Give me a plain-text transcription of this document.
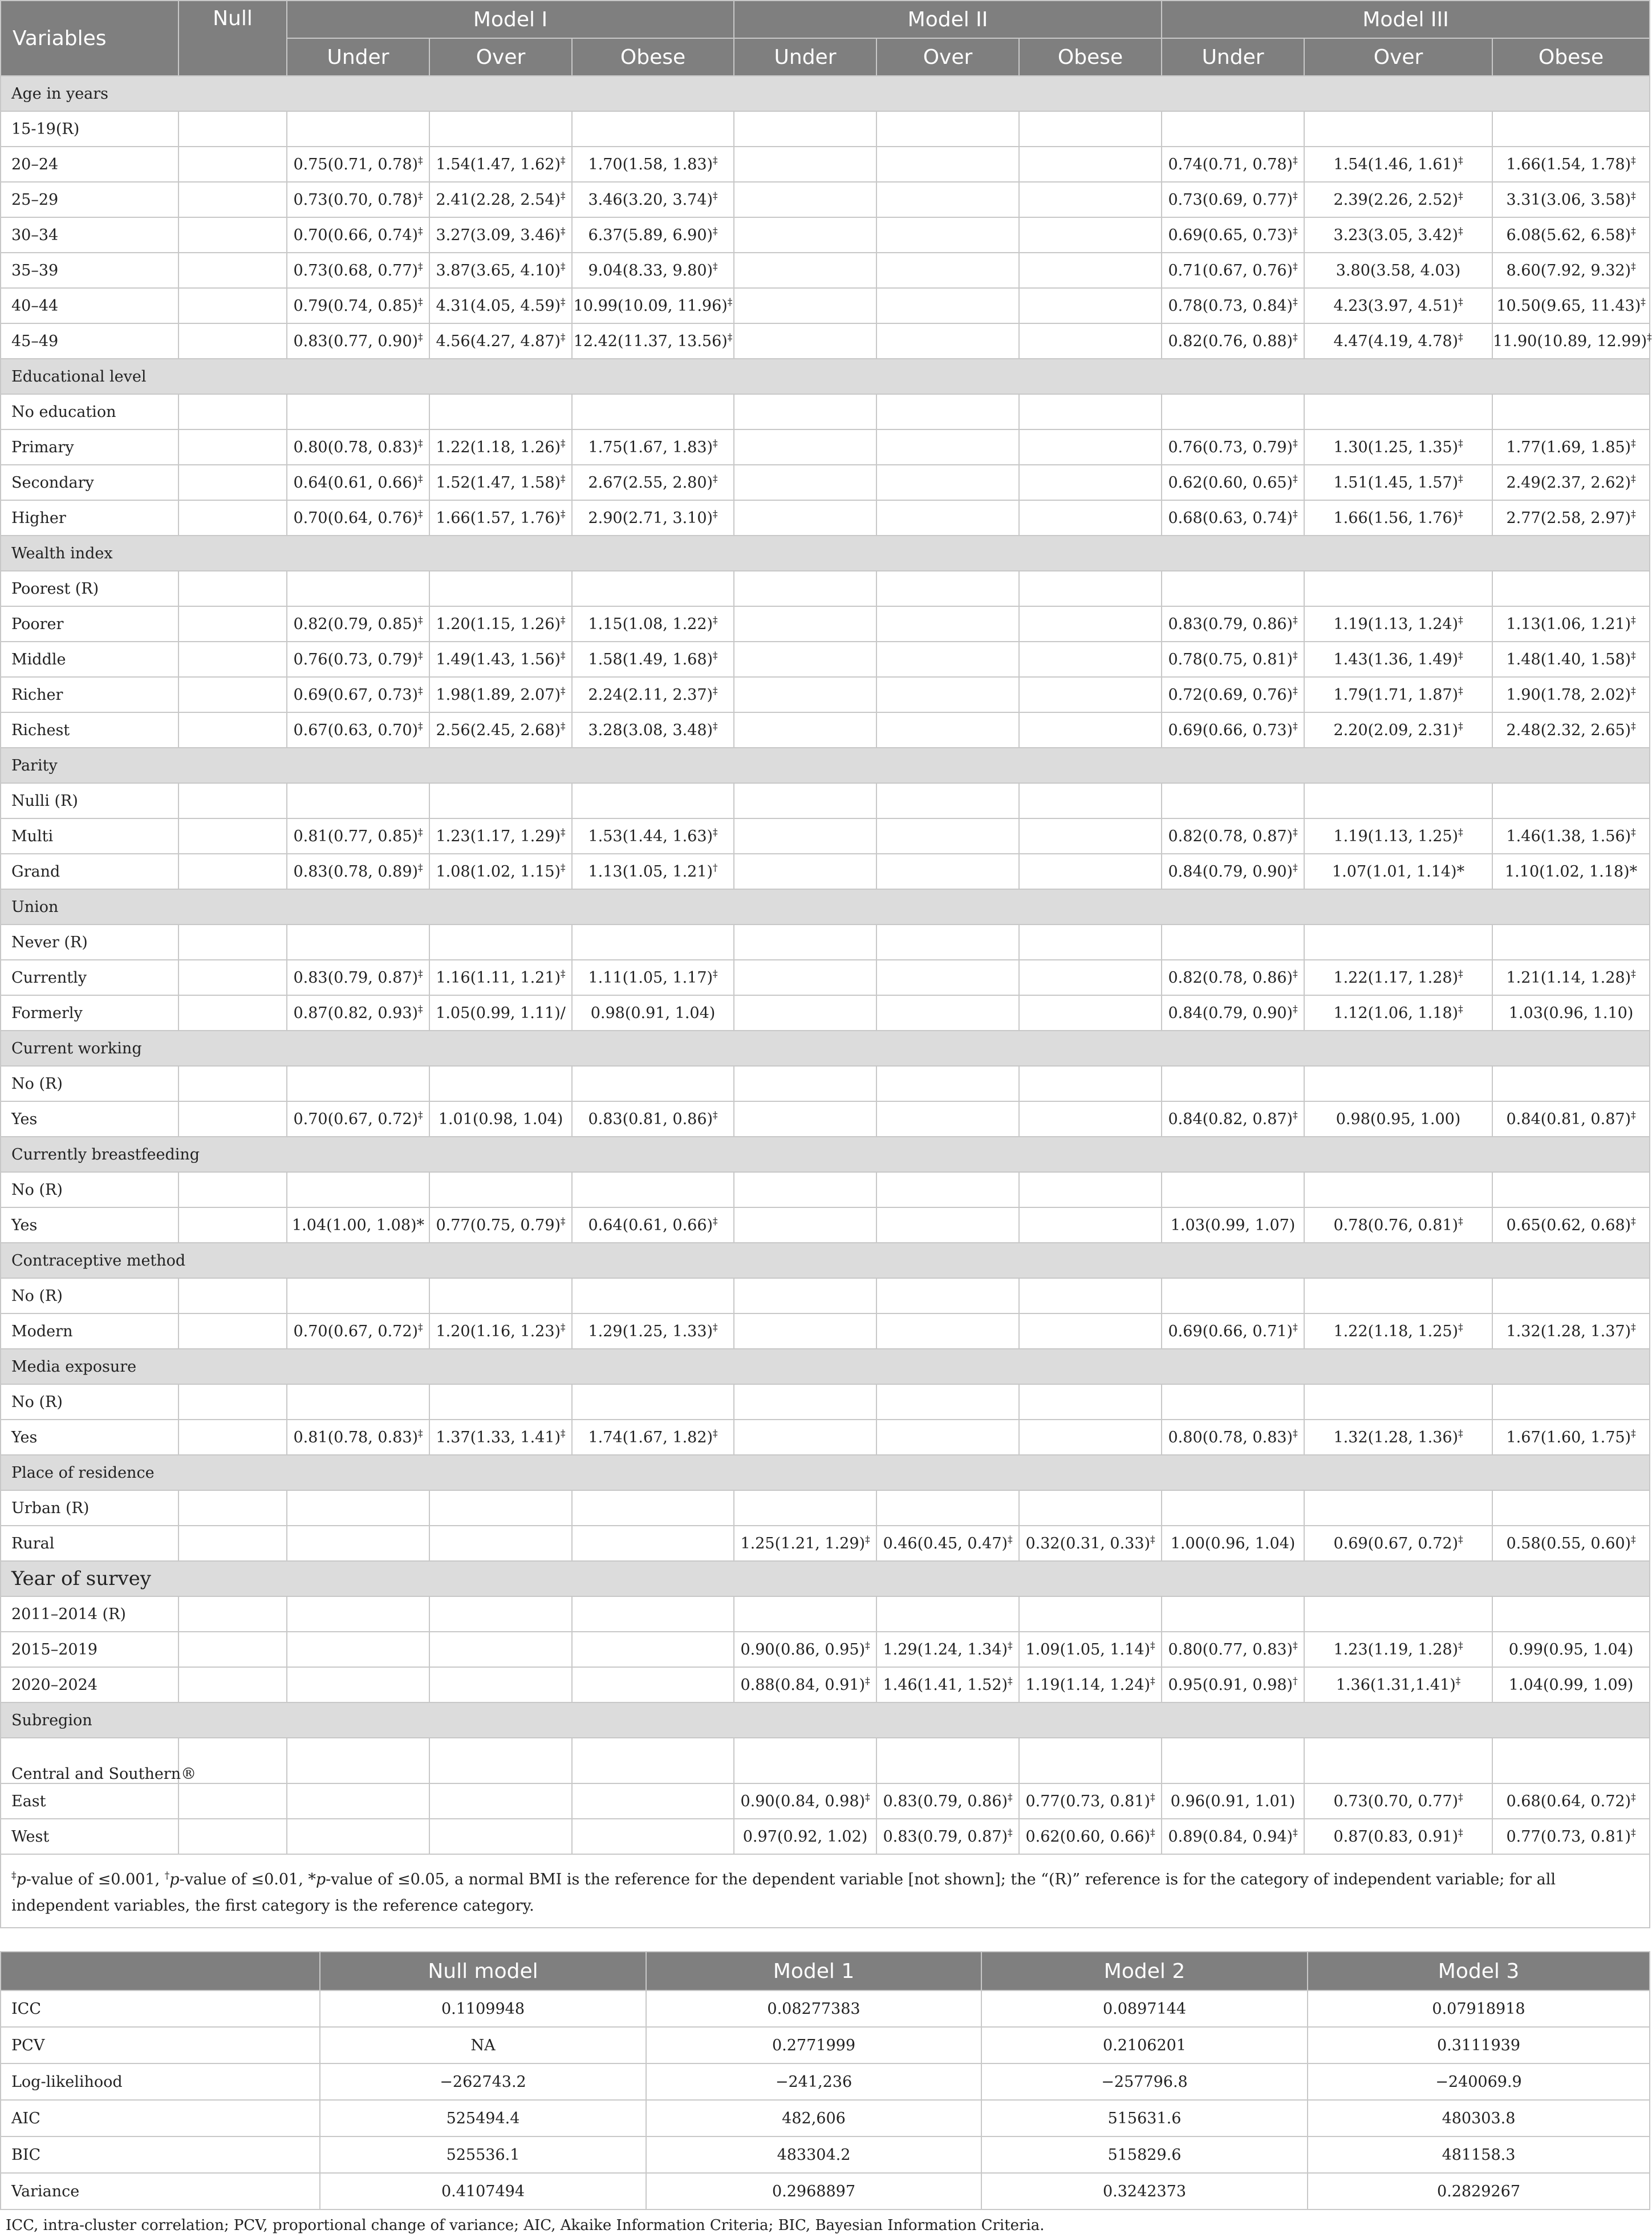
Variables	Null	Model I			Model II			Model III		
		Under	Over	Obese	Under	Over	Obese	Under	Over	Obese
Age in years										
15-19(R)										
20–24		0.75(0.71, 0.78)‡	1.54(1.47, 1.62)‡	1.70(1.58, 1.83)‡				0.74(0.71, 0.78)‡	1.54(1.46, 1.61)‡	1.66(1.54, 1.78)‡
25–29		0.73(0.70, 0.78)‡	2.41(2.28, 2.54)‡	3.46(3.20, 3.74)‡				0.73(0.69, 0.77)‡	2.39(2.26, 2.52)‡	3.31(3.06, 3.58)‡
30–34		0.70(0.66, 0.74)‡	3.27(3.09, 3.46)‡	6.37(5.89, 6.90)‡				0.69(0.65, 0.73)‡	3.23(3.05, 3.42)‡	6.08(5.62, 6.58)‡
35–39		0.73(0.68, 0.77)‡	3.87(3.65, 4.10)‡	9.04(8.33, 9.80)‡				0.71(0.67, 0.76)‡	3.80(3.58, 4.03)	8.60(7.92, 9.32)‡
40–44		0.79(0.74, 0.85)‡	4.31(4.05, 4.59)‡	10.99(10.09, 11.96)‡				0.78(0.73, 0.84)‡	4.23(3.97, 4.51)‡	10.50(9.65, 11.43)‡
45–49		0.83(0.77, 0.90)‡	4.56(4.27, 4.87)‡	12.42(11.37, 13.56)‡				0.82(0.76, 0.88)‡	4.47(4.19, 4.78)‡	11.90(10.89, 12.99)‡
Educational level										
No education										
Primary		0.80(0.78, 0.83)‡	1.22(1.18, 1.26)‡	1.75(1.67, 1.83)‡				0.76(0.73, 0.79)‡	1.30(1.25, 1.35)‡	1.77(1.69, 1.85)‡
Secondary		0.64(0.61, 0.66)‡	1.52(1.47, 1.58)‡	2.67(2.55, 2.80)‡				0.62(0.60, 0.65)‡	1.51(1.45, 1.57)‡	2.49(2.37, 2.62)‡
Higher		0.70(0.64, 0.76)‡	1.66(1.57, 1.76)‡	2.90(2.71, 3.10)‡				0.68(0.63, 0.74)‡	1.66(1.56, 1.76)‡	2.77(2.58, 2.97)‡
Wealth index										
Poorest (R)										
Poorer		0.82(0.79, 0.85)‡	1.20(1.15, 1.26)‡	1.15(1.08, 1.22)‡				0.83(0.79, 0.86)‡	1.19(1.13, 1.24)‡	1.13(1.06, 1.21)‡
Middle		0.76(0.73, 0.79)‡	1.49(1.43, 1.56)‡	1.58(1.49, 1.68)‡				0.78(0.75, 0.81)‡	1.43(1.36, 1.49)‡	1.48(1.40, 1.58)‡
Richer		0.69(0.67, 0.73)‡	1.98(1.89, 2.07)‡	2.24(2.11, 2.37)‡				0.72(0.69, 0.76)‡	1.79(1.71, 1.87)‡	1.90(1.78, 2.02)‡
Richest		0.67(0.63, 0.70)‡	2.56(2.45, 2.68)‡	3.28(3.08, 3.48)‡				0.69(0.66, 0.73)‡	2.20(2.09, 2.31)‡	2.48(2.32, 2.65)‡
Parity										
Nulli (R)										
Multi		0.81(0.77, 0.85)‡	1.23(1.17, 1.29)‡	1.53(1.44, 1.63)‡				0.82(0.78, 0.87)‡	1.19(1.13, 1.25)‡	1.46(1.38, 1.56)‡
Grand		0.83(0.78, 0.89)‡	1.08(1.02, 1.15)‡	1.13(1.05, 1.21)†				0.84(0.79, 0.90)‡	1.07(1.01, 1.14)*	1.10(1.02, 1.18)*
Union										
Never (R)										
Currently		0.83(0.79, 0.87)‡	1.16(1.11, 1.21)‡	1.11(1.05, 1.17)‡				0.82(0.78, 0.86)‡	1.22(1.17, 1.28)‡	1.21(1.14, 1.28)‡
Formerly		0.87(0.82, 0.93)‡	1.05(0.99, 1.11)/	0.98(0.91, 1.04)				0.84(0.79, 0.90)‡	1.12(1.06, 1.18)‡	1.03(0.96, 1.10)
Current working										
No (R)										
Yes		0.70(0.67, 0.72)‡	1.01(0.98, 1.04)	0.83(0.81, 0.86)‡				0.84(0.82, 0.87)‡	0.98(0.95, 1.00)	0.84(0.81, 0.87)‡
Currently breastfeeding										
No (R)										
Yes		1.04(1.00, 1.08)*	0.77(0.75, 0.79)‡	0.64(0.61, 0.66)‡				1.03(0.99, 1.07)	0.78(0.76, 0.81)‡	0.65(0.62, 0.68)‡
Contraceptive method										
No (R)										
Modern		0.70(0.67, 0.72)‡	1.20(1.16, 1.23)‡	1.29(1.25, 1.33)‡				0.69(0.66, 0.71)‡	1.22(1.18, 1.25)‡	1.32(1.28, 1.37)‡
Media exposure										
No (R)										
Yes		0.81(0.78, 0.83)‡	1.37(1.33, 1.41)‡	1.74(1.67, 1.82)‡				0.80(0.78, 0.83)‡	1.32(1.28, 1.36)‡	1.67(1.60, 1.75)‡
Place of residence										
Urban (R)										
Rural					1.25(1.21, 1.29)‡	0.46(0.45, 0.47)‡	0.32(0.31, 0.33)‡	1.00(0.96, 1.04)	0.69(0.67, 0.72)‡	0.58(0.55, 0.60)‡
Year of survey										
2011–2014 (R)										
2015–2019					0.90(0.86, 0.95)‡	1.29(1.24, 1.34)‡	1.09(1.05, 1.14)‡	0.80(0.77, 0.83)‡	1.23(1.19, 1.28)‡	0.99(0.95, 1.04)
2020–2024					0.88(0.84, 0.91)‡	1.46(1.41, 1.52)‡	1.19(1.14, 1.24)‡	0.95(0.91, 0.98)†	1.36(1.31,1.41)‡	1.04(0.99, 1.09)
Subregion										
Central and Southern®										
East					0.90(0.84, 0.98)‡	0.83(0.79, 0.86)‡	0.77(0.73, 0.81)‡	0.96(0.91, 1.01)	0.73(0.70, 0.77)‡	0.68(0.64, 0.72)‡
West					0.97(0.92, 1.02)	0.83(0.79, 0.87)‡	0.62(0.60, 0.66)‡	0.89(0.84, 0.94)‡	0.87(0.83, 0.91)‡	0.77(0.73, 0.81)‡
‡p-value of ≤0.001, †p-value of ≤0.01, *p-value of ≤0.05, a normal BMI is the reference for the dependent variable [not shown]; the “(R)” reference is for the category of independent variable; for all independent variables, the first category is the reference category.										
	Null model	Model 1	Model 2	Model 3
ICC	0.1109948	0.08277383	0.0897144	0.07918918
PCV	NA	0.2771999	0.2106201	0.3111939
Log-likelihood	−262743.2	−241,236	−257796.8	−240069.9
AIC	525494.4	482,606	515631.6	480303.8
BIC	525536.1	483304.2	515829.6	481158.3
Variance	0.4107494	0.2968897	0.3242373	0.2829267
ICC, intra-cluster correlation; PCV, proportional change of variance; AIC, Akaike Information Criteria; BIC, Bayesian Information Criteria.
